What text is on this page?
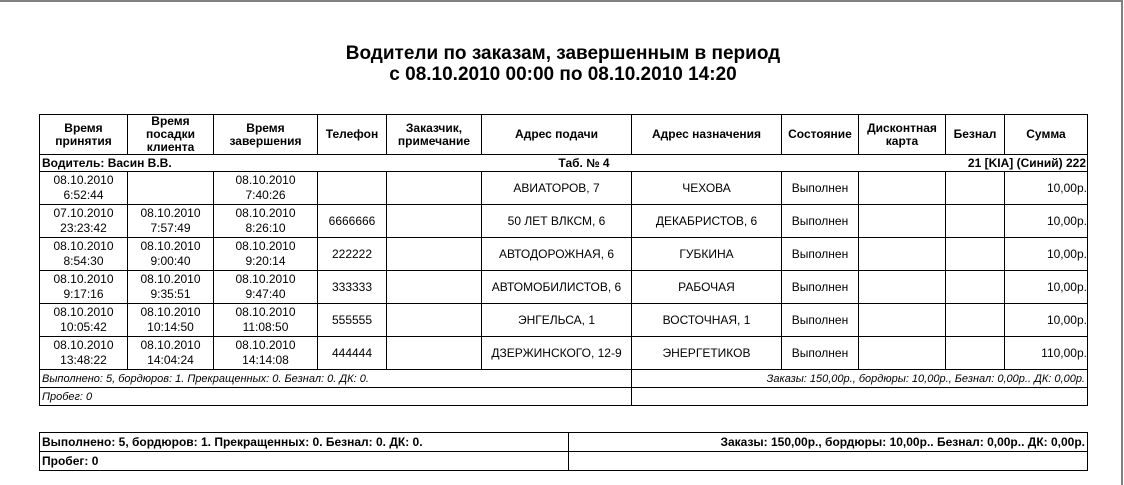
Водители по заказам, завершенным в период
с 08.10.2010 00:00 по 08.10.2010 14:20
Время
принятия	Время
посадки
клиента	Время
завершения	Телефон	Заказчик,
примечание	Адрес подачи	Адрес назначения	Состояние	Дисконтная
карта	Безнал	Сумма
Водитель: Васин В.В.				Таб. № 4			21 [KIA] (Синий) 222			

08.10.2010
6:52:44		08.10.2010
7:40:26			АВИАТОРОВ, 7	ЧЕХОВА	Выполнен			10,00р.

07.10.2010
23:23:42	08.10.2010
7:57:49	08.10.2010
8:26:10	6666666		50 ЛЕТ ВЛКСМ, 6	ДЕКАБРИСТОВ, 6	Выполнен			10,00р.

08.10.2010
8:54:30	08.10.2010
9:00:40	08.10.2010
9:20:14	222222		АВТОДОРОЖНАЯ, 6	ГУБКИНА	Выполнен			10,00р.

08.10.2010
9:17:16	08.10.2010
9:35:51	08.10.2010
9:47:40	333333		АВТОМОБИЛИСТОВ, 6	РАБОЧАЯ	Выполнен			10,00р.

08.10.2010
10:05:42	08.10.2010
10:14:50	08.10.2010
11:08:50	555555		ЭНГЕЛЬСА, 1	ВОСТОЧНАЯ, 1	Выполнен			10,00р.

08.10.2010
13:48:22	08.10.2010
14:04:24	08.10.2010
14:14:08	444444		ДЗЕРЖИНСКОГО, 12-9	ЭНЕРГЕТИКОВ	Выполнен			110,00р.
Выполнено: 5, бордюров: 1. Прекращенных: 0. Безнал: 0. ДК: 0.						Заказы: 150,00р., бордюры: 10,00р., Безнал: 0,00р.. ДК: 0,00р.				
Пробег: 0										
Выполнено: 5, бордюров: 1. Прекращенных: 0. Безнал: 0. ДК: 0.	Заказы: 150,00р., бордюры: 10,00р.. Безнал: 0,00р.. ДК: 0,00р.
Пробег: 0	
